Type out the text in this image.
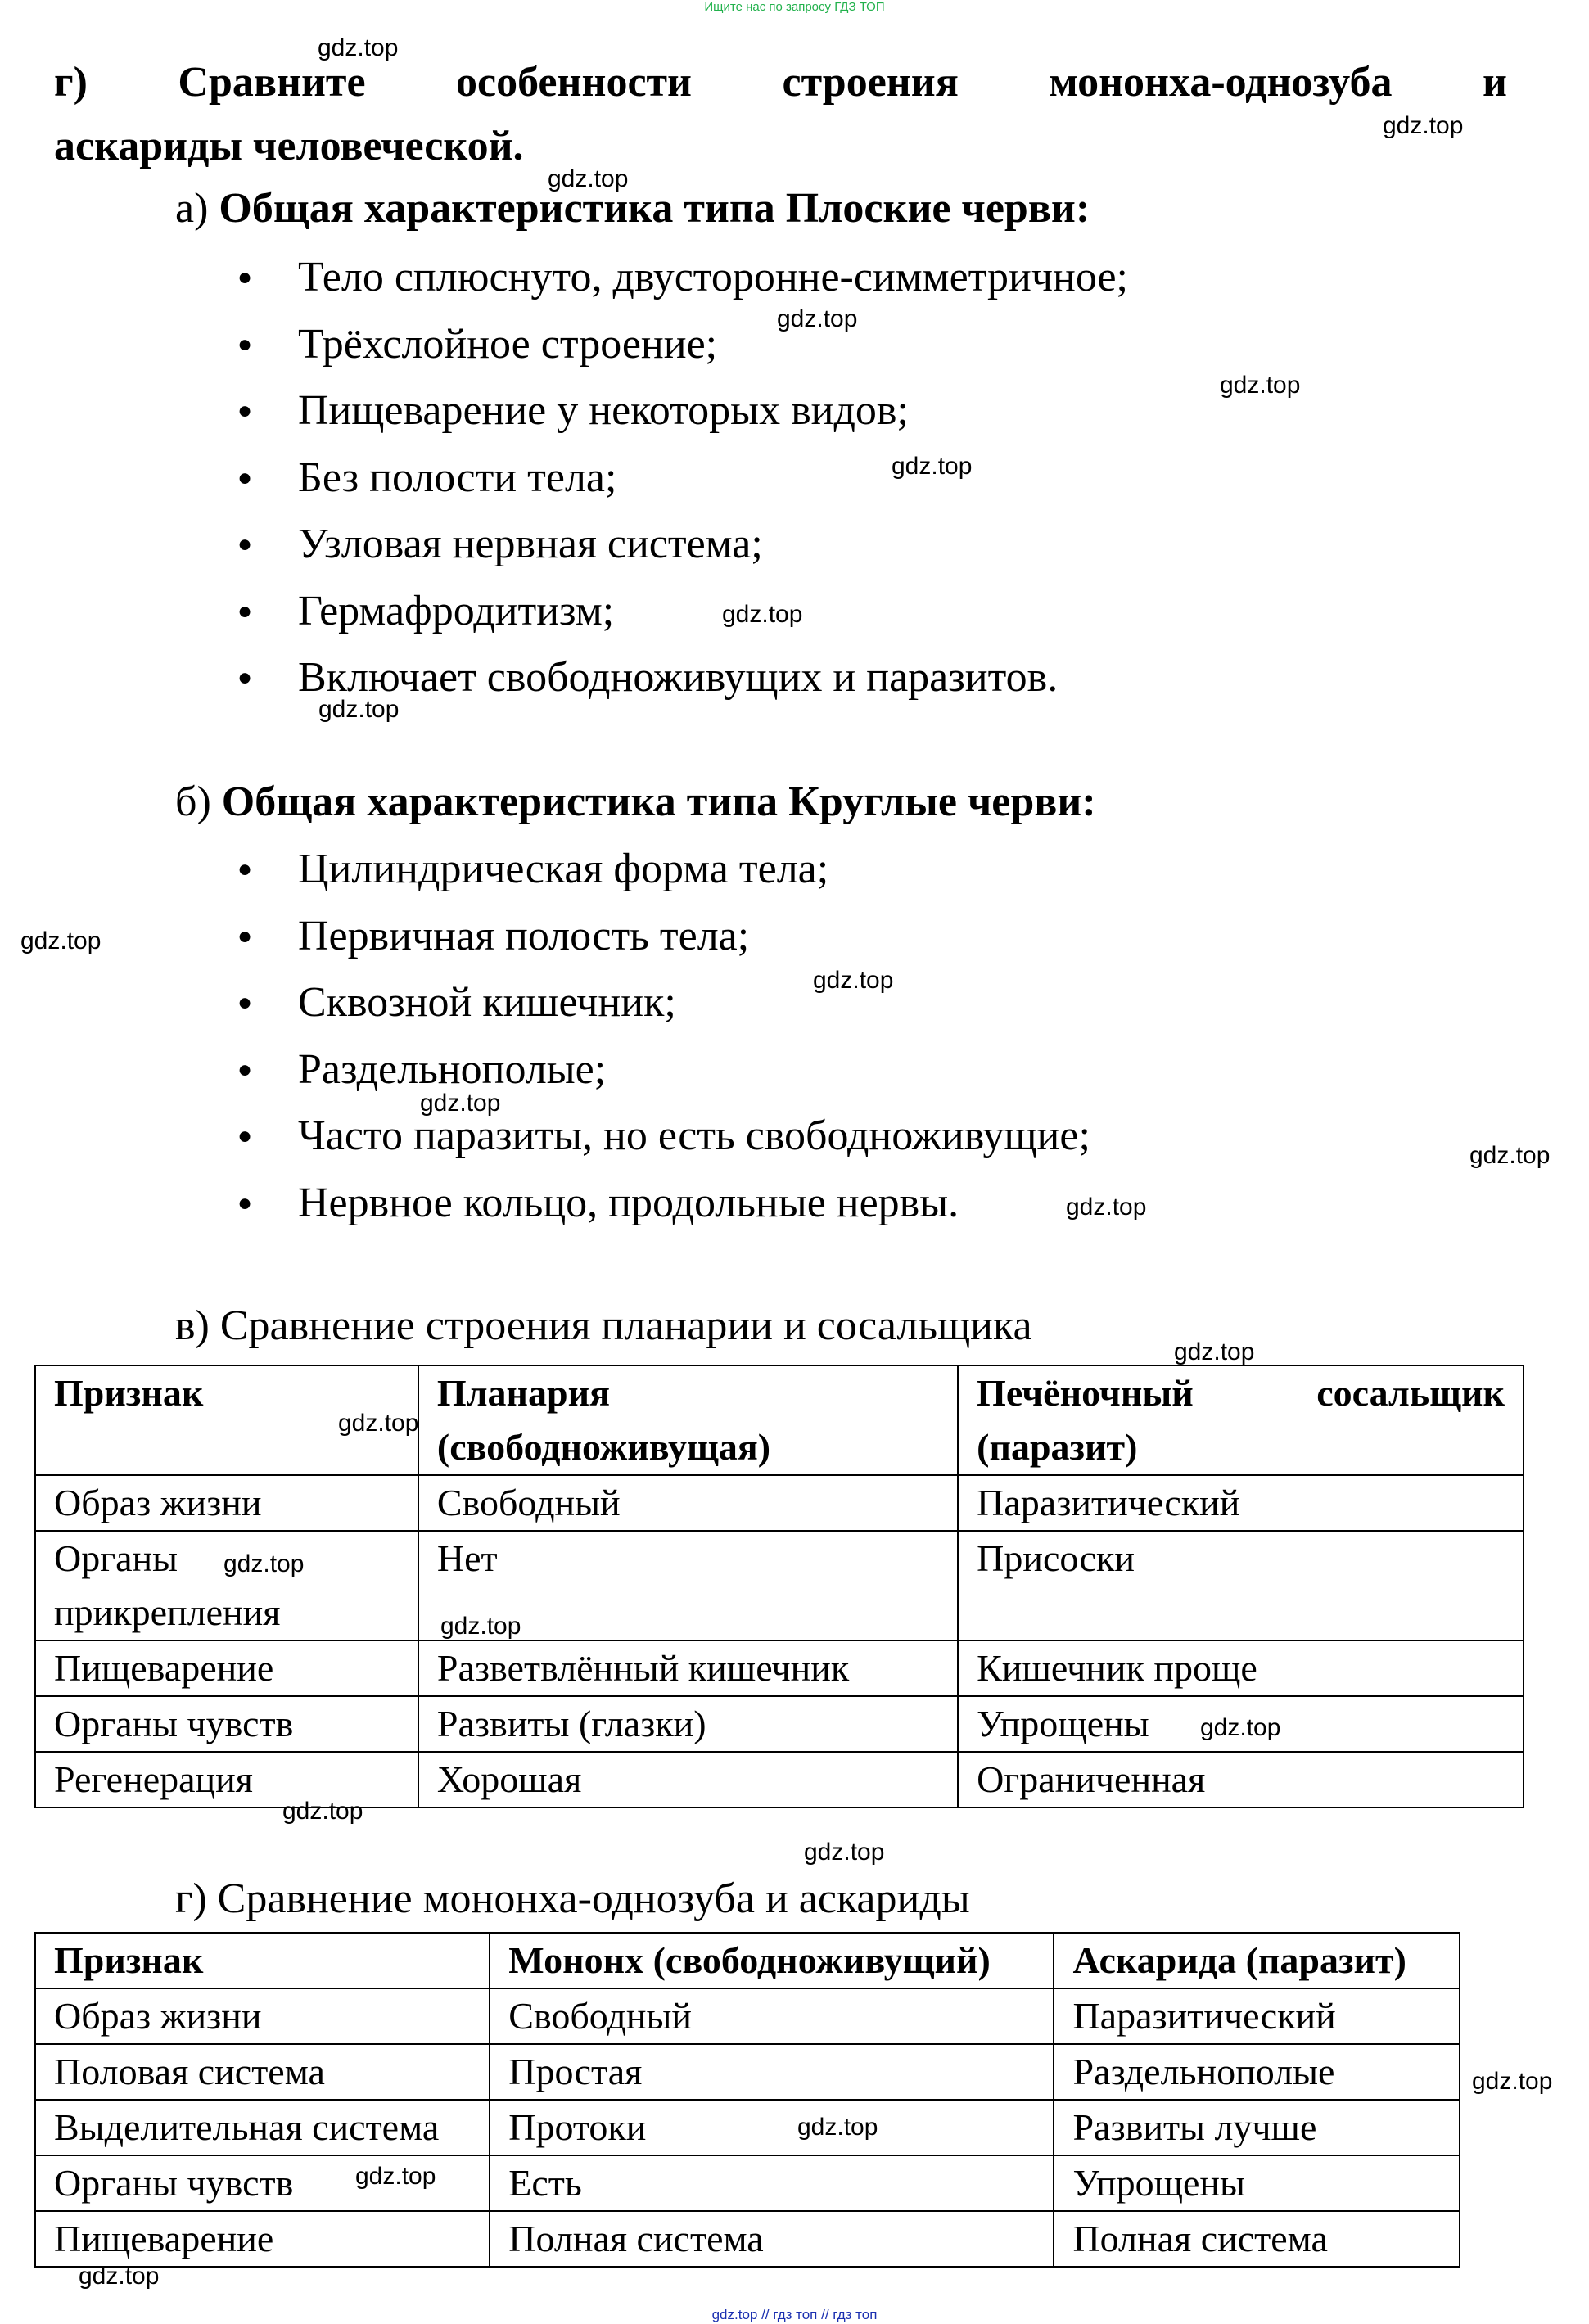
Ищите нас по запросу ГДЗ ТОП
г) Сравните особенности строения мононха-однозуба и
аскариды человеческой.
а) Общая характеристика типа Плоские черви:
● Тело сплюснуто, двусторонне-симметричное;
● Трёхслойное строение;
● Пищеварение у некоторых видов;
● Без полости тела;
● Узловая нервная система;
● Гермафродитизм;
● Включает свободноживущих и паразитов.
б) Общая характеристика типа Круглые черви:
● Цилиндрическая форма тела;
● Первичная полость тела;
● Сквозной кишечник;
● Раздельнополые;
● Часто паразиты, но есть свободноживущие;
● Нервное кольцо, продольные нервы.
в) Сравнение строения планарии и сосальщика
Признак	Планария (свободноживущая)	Печёночный сосальщик (паразит)
Образ жизни	Свободный	Паразитический
Органы прикрепления	Нет	Присоски
Пищеварение	Разветвлённый кишечник	Кишечник проще
Органы чувств	Развиты (глазки)	Упрощены
Регенерация	Хорошая	Ограниченная
г) Сравнение мононха-однозуба и аскариды
Признак	Мононх (свободноживущий)	Аскарида (паразит)
Образ жизни	Свободный	Паразитический
Половая система	Простая	Раздельнополые
Выделительная система	Протоки	Развиты лучше
Органы чувств	Есть	Упрощены
Пищеварение	Полная система	Полная система
gdz.top
gdz.top
gdz.top
gdz.top
gdz.top
gdz.top
gdz.top
gdz.top
gdz.top
gdz.top
gdz.top
gdz.top
gdz.top
gdz.top
gdz.top
gdz.top
gdz.top
gdz.top
gdz.top
gdz.top
gdz.top
gdz.top
gdz.top
gdz.top
gdz.top // гдз топ // гдз топ
